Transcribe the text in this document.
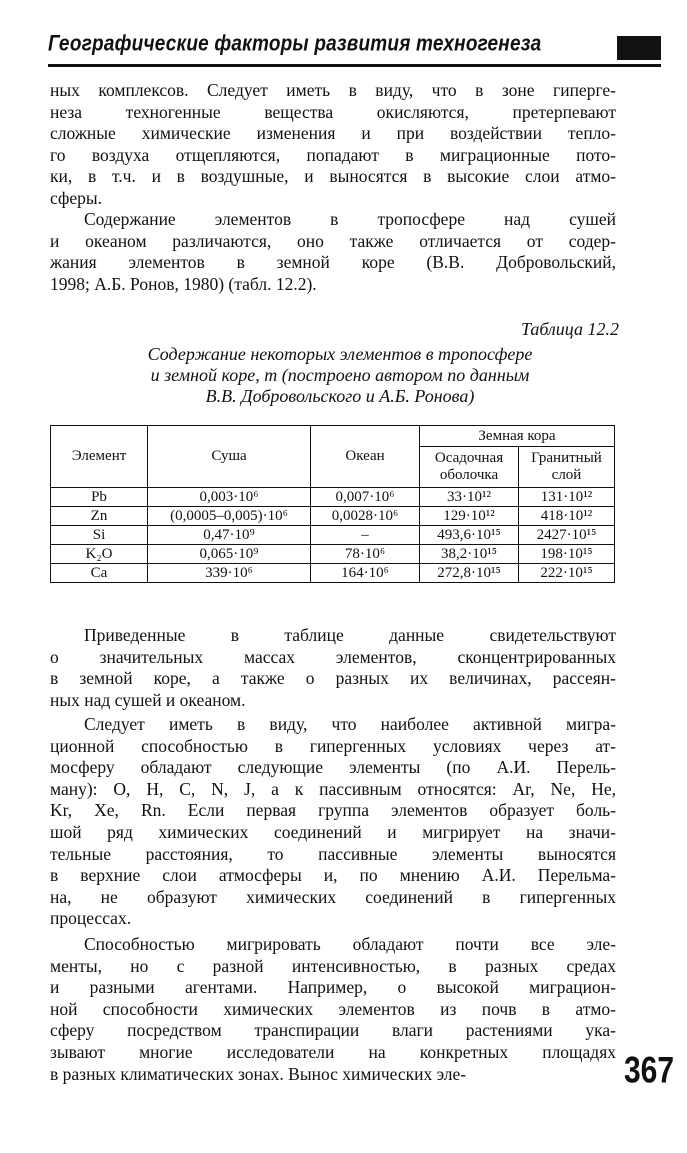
Географические факторы развития техногенеза
ных комплексов. Следует иметь в виду, что в зоне гиперге-
неза техногенные вещества окисляются, претерпевают
сложные химические изменения и при воздействии тепло-
го воздуха отщепляются, попадают в миграционные пото-
ки, в т.ч. и в воздушные, и выносятся в высокие слои атмо-
сферы.
Содержание элементов в тропосфере над сушей
и океаном различаются, оно также отличается от содер-
жания элементов в земной коре (В.В. Добровольский,
1998; А.Б. Ронов, 1980) (табл. 12.2).
Таблица 12.2
Содержание некоторых элементов в тропосфере
и земной коре, т (построено автором по данным
В.В. Добровольского и А.Б. Ронова)
Элемент	Суша	Океан	Земная кора	
			Осадочная оболочка	Гранитный слой
Pb	0,003·10⁶	0,007·10⁶	33·10¹²	131·10¹²
Zn	(0,0005–0,005)·10⁶	0,0028·10⁶	129·10¹²	418·10¹²
Si	0,47·10⁹	–	493,6·10¹⁵	2427·10¹⁵
K₂O	0,065·10⁹	78·10⁶	38,2·10¹⁵	198·10¹⁵
Ca	339·10⁶	164·10⁶	272,8·10¹⁵	222·10¹⁵
Приведенные в таблице данные свидетельствуют
о значительных массах элементов, сконцентрированных
в земной коре, а также о разных их величинах, рассеян-
ных над сушей и океаном.
Следует иметь в виду, что наиболее активной мигра-
ционной способностью в гипергенных условиях через ат-
мосферу обладают следующие элементы (по А.И. Перель-
ману): O, H, C, N, J, а к пассивным относятся: Ar, Ne, He,
Kr, Xe, Rn. Если первая группа элементов образует боль-
шой ряд химических соединений и мигрирует на значи-
тельные расстояния, то пассивные элементы выносятся
в верхние слои атмосферы и, по мнению А.И. Перельма-
на, не образуют химических соединений в гипергенных
процессах.
Способностью мигрировать обладают почти все эле-
менты, но с разной интенсивностью, в разных средах
и разными агентами. Например, о высокой миграцион-
ной способности химических элементов из почв в атмо-
сферу посредством транспирации влаги растениями ука-
зывают многие исследователи на конкретных площадях
в разных климатических зонах. Вынос химических эле-	367
